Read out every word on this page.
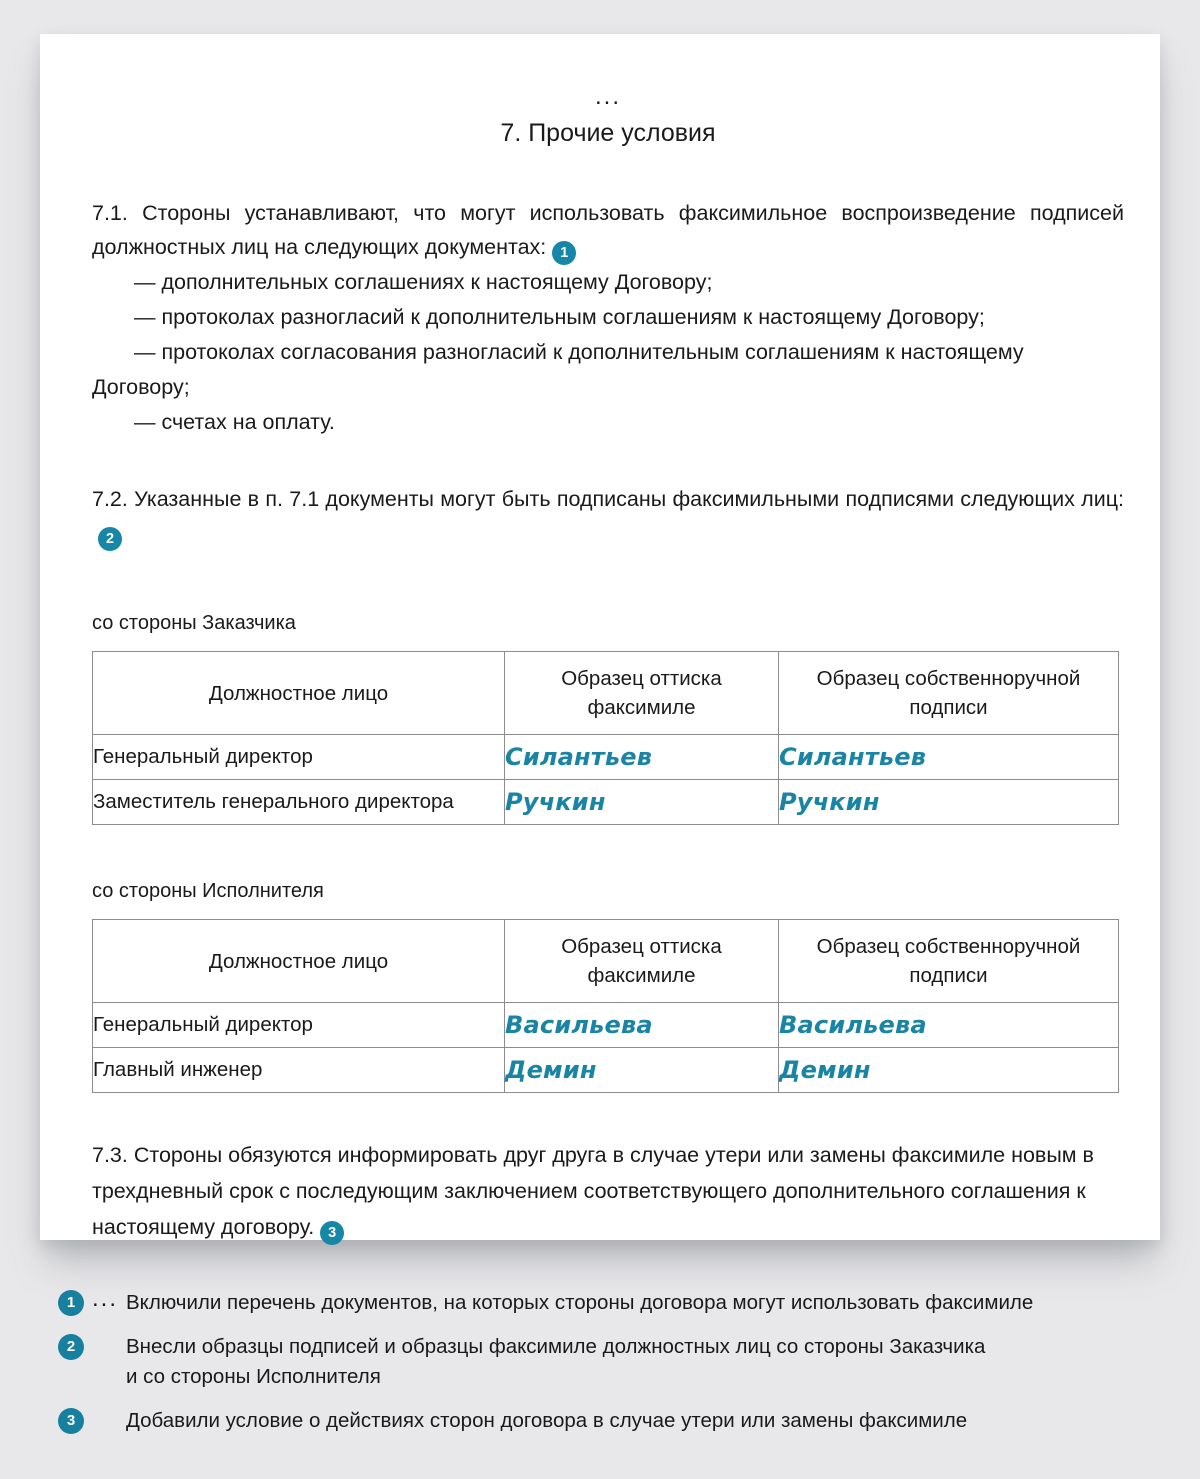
...
7. Прочие условия

7.1. Стороны устанавливают, что могут использовать факсимильное воспроизведение подписей должностных лиц на следующих документах: 1

— дополнительных соглашениях к настоящему Договору;
— протоколах разногласий к дополнительным соглашениям к настоящему Договору;
— протоколах согласования разногласий к дополнительным соглашениям к настоящему Договору;
— счетах на оплату.

7.2. Указанные в п. 7.1 документы могут быть подписаны факсимильными подписями следующих лиц:2

со стороны Заказчика
Должностное лицо	Образец оттиска факсимиле	Образец собственноручной подписи
Генеральный директор	Силантьев	Силантьев
Заместитель генерального директора	Ручкин	Ручкин
со стороны Исполнителя
Должностное лицо	Образец оттиска факсимиле	Образец собственноручной подписи
Генеральный директор	Васильева	Васильева
Главный инженер	Демин	Демин

7.3. Стороны обязуются информировать друг друга в случае утери или замены факсимиле новым в трехдневный срок с последующим заключением соответствующего дополнительного соглашения к настоящему договору. 3

...
1	Включили перечень документов, на которых стороны договора могут использовать факсимиле
2	Внесли образцы подписей и образцы факсимиле должностных лиц со стороны Заказчика
и со стороны Исполнителя
3	Добавили условие о действиях сторон договора в случае утери или замены факсимиле
